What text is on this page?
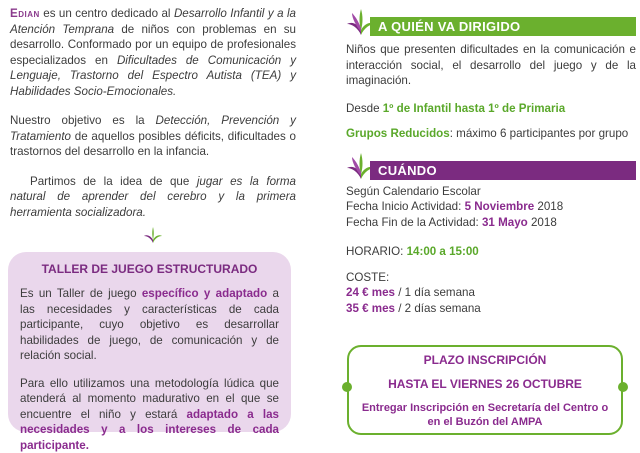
Edian es un centro dedicado al Desarrollo Infantil y a la Atención Temprana de niños con problemas en su desarrollo. Conformado por un equipo de profesionales especializados en Dificultades de Comunicación y Lenguaje, Trastorno del Espectro Autista (TEA) y Habilidades Socio-Emocionales.

Nuestro objetivo es la Detección, Prevención y Tratamiento de aquellos posibles déficits, dificultades o trastornos del desarrollo en la infancia.

Partimos de la idea de que jugar es la forma natural de aprender del cerebro y la primera herramienta socializadora.

TALLER DE JUEGO ESTRUCTURADO

Es un Taller de juego específico y adaptado a las necesidades y características de cada participante, cuyo objetivo es desarrollar habilidades de juego, de comunicación y de relación social.

Para ello utilizamos una metodología lúdica que atenderá al momento madurativo en el que se encuentre el niño y estará adaptado a las necesidades y a los intereses de cada participante.

A QUIÉN VA DIRIGIDO

Niños que presenten dificultades en la comunicación e interacción social, el desarrollo del juego y de la imaginación.

Desde 1º de Infantil hasta 1º de Primaria

Grupos Reducidos: máximo 6 participantes por grupo

CUÁNDO

Según Calendario Escolar

Fecha Inicio Actividad: 5 Noviembre 2018

Fecha Fin de la Actividad: 31 Mayo 2018

HORARIO: 14:00 a 15:00

COSTE:

24 € mes / 1 día semana

35 € mes / 2 días semana

PLAZO INSCRIPCIÓN
HASTA EL VIERNES 26 OCTUBRE
Entregar Inscripción en Secretaría del Centro o en el Buzón del AMPA
